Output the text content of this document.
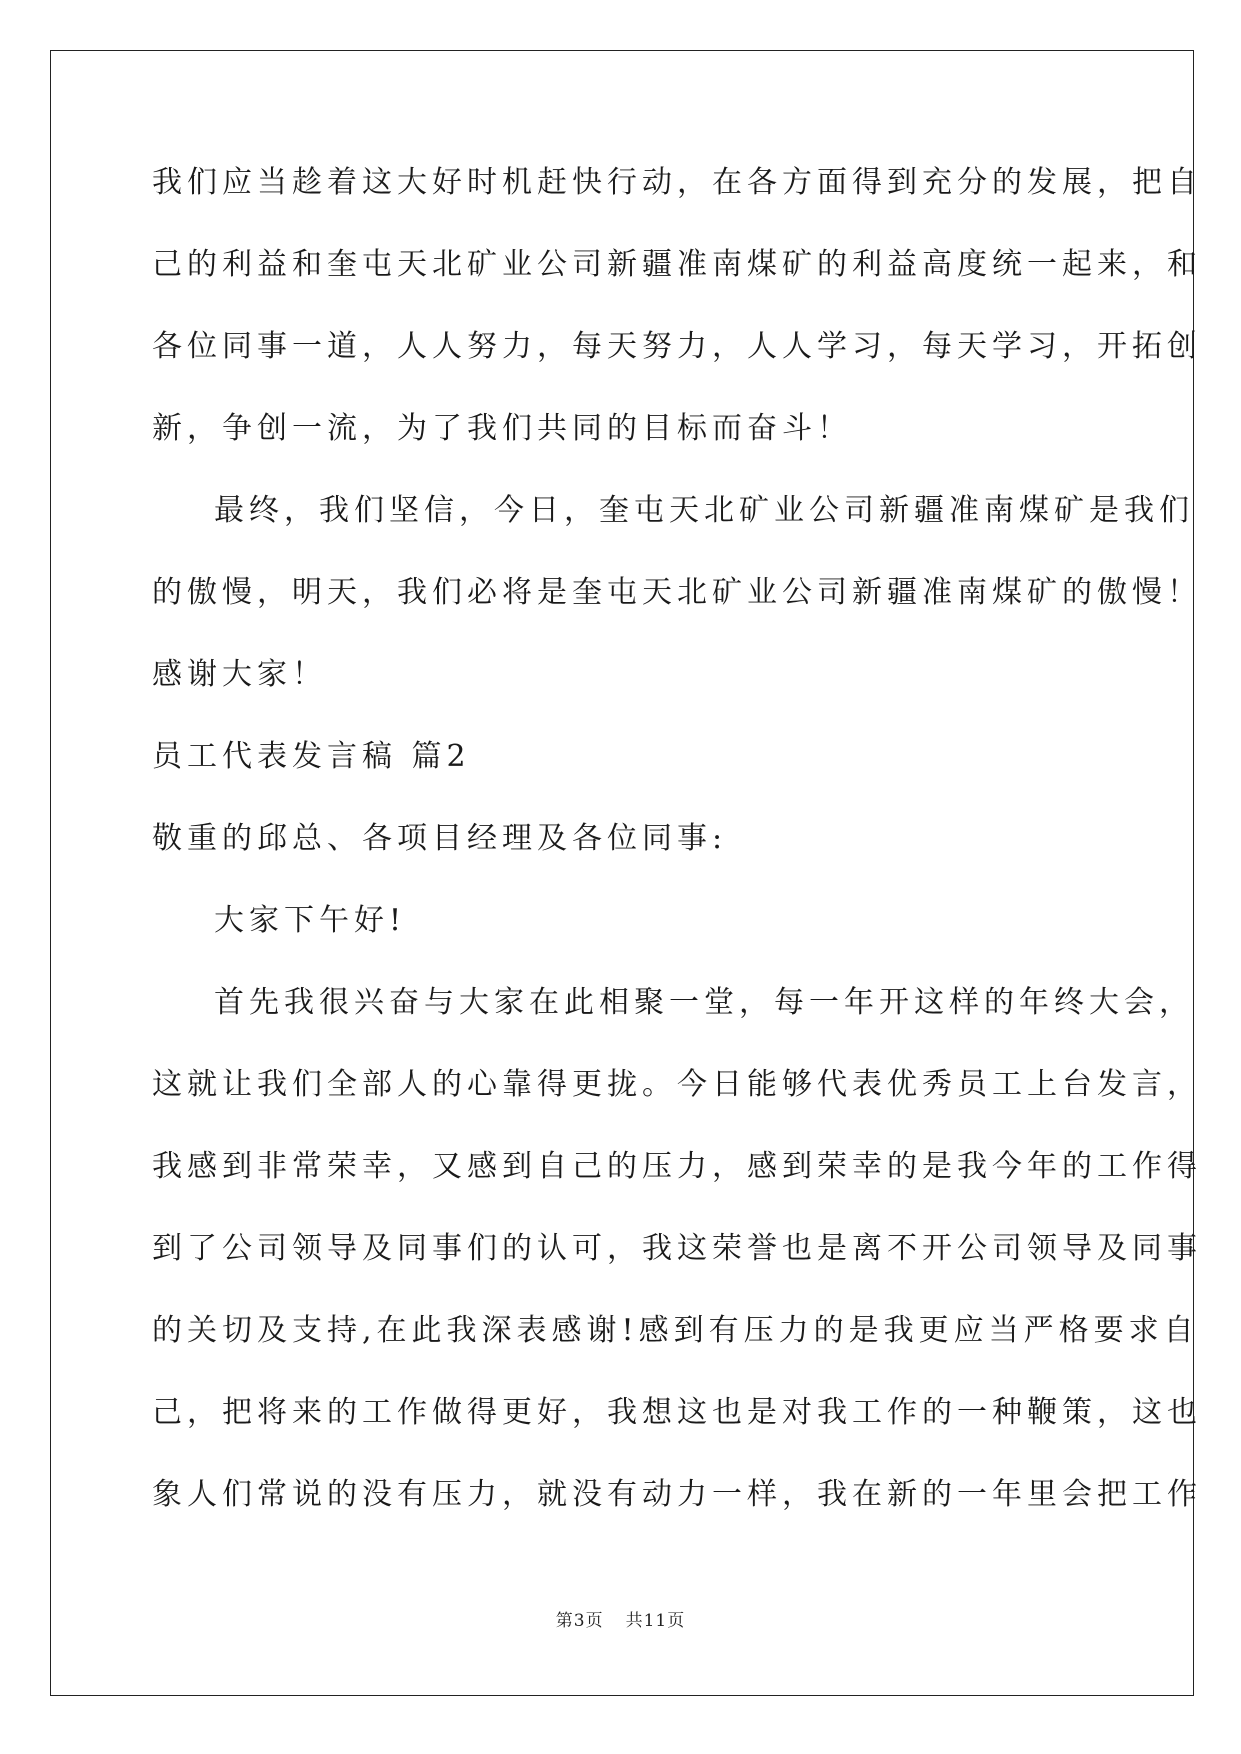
我们应当趁着这大好时机赶快行动，在各方面得到充分的发展，把自
己的利益和奎屯天北矿业公司新疆准南煤矿的利益高度统一起来，和
各位同事一道，人人努力，每天努力，人人学习，每天学习，开拓创
新，争创一流，为了我们共同的目标而奋斗！
最终，我们坚信，今日，奎屯天北矿业公司新疆准南煤矿是我们
的傲慢，明天，我们必将是奎屯天北矿业公司新疆准南煤矿的傲慢！
感谢大家！
员工代表发言稿 篇2
敬重的邱总、各项目经理及各位同事:
大家下午好!
首先我很兴奋与大家在此相聚一堂，每一年开这样的年终大会，
这就让我们全部人的心靠得更拢。今日能够代表优秀员工上台发言，
我感到非常荣幸，又感到自己的压力，感到荣幸的是我今年的工作得
到了公司领导及同事们的认可，我这荣誉也是离不开公司领导及同事
的关切及支持,在此我深表感谢!感到有压力的是我更应当严格要求自
己，把将来的工作做得更好，我想这也是对我工作的一种鞭策，这也
象人们常说的没有压力，就没有动力一样，我在新的一年里会把工作
第3页 共11页
